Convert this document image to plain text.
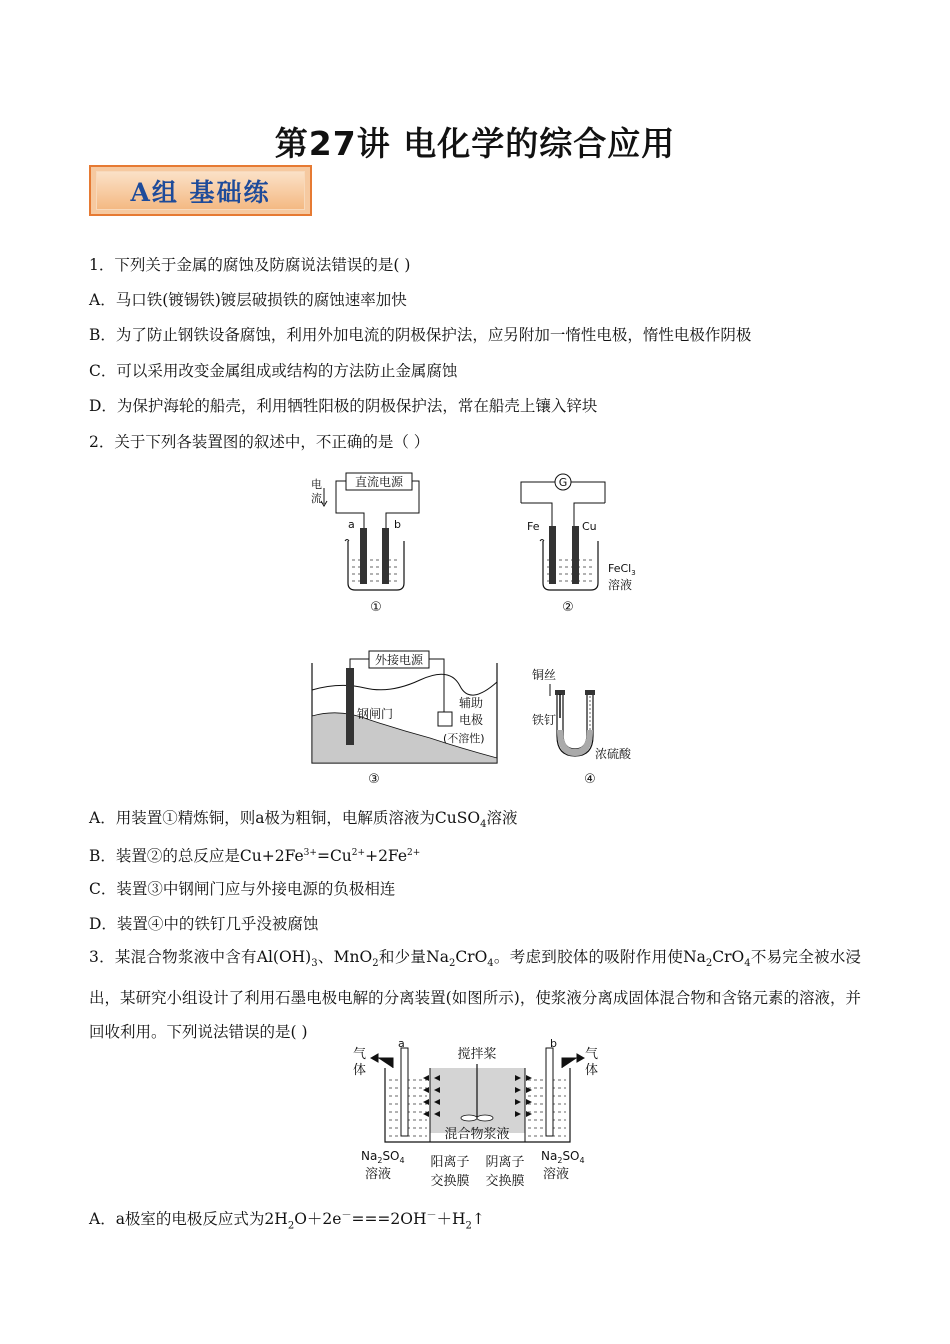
第27讲 电化学的综合应用
A组 基础练
1．下列关于金属的腐蚀及防腐说法错误的是( )
A．马口铁(镀锡铁)镀层破损铁的腐蚀速率加快
B．为了防止钢铁设备腐蚀，利用外加电流的阴极保护法，应另附加一惰性电极，惰性电极作阴极
C．可以采用改变金属组成或结构的方法防止金属腐蚀
D．为保护海轮的船壳，利用牺牲阳极的阴极保护法，常在船壳上镶入锌块
2．关于下列各装置图的叙述中，不正确的是（ ）
直流电源
电
流
a	b
①
G
Fe	Cu
FeCl$_3$
溶液
②
外接电源
钢闸门
辅助
电极
(不溶性)
③
铜丝
铁钉
浓硫酸
④
A．用装置①精炼铜，则a极为粗铜，电解质溶液为CuSO$_4$溶液
B．装置②的总反应是$Cu+2Fe^{3+}=Cu^{2+}+2Fe^{2+}$
C．装置③中钢闸门应与外接电源的负极相连
D．装置④中的铁钉几乎没被腐蚀
3．某混合物浆液中含有$Al(OH)_3$、MnO$_2$和少量$Na_2CrO_4$。考虑到胶体的吸附作用使$Na_2CrO_4$不易完全被水浸出，某研究小组设计了利用石墨电极电解的分离装置(如图所示)，使浆液分离成固体混合物和含铬元素的溶液，并回收利用。下列说法错误的是( )
a	b
气
体
气
体
搅拌桨
混合物浆液
$Na_2SO_4$
溶液
$Na_2SO_4$
溶液
阳离子
交换膜
阴离子
交换膜
A．a极室的电极反应式为$2H_2O+2e^-===2OH^-+H_2↑$
